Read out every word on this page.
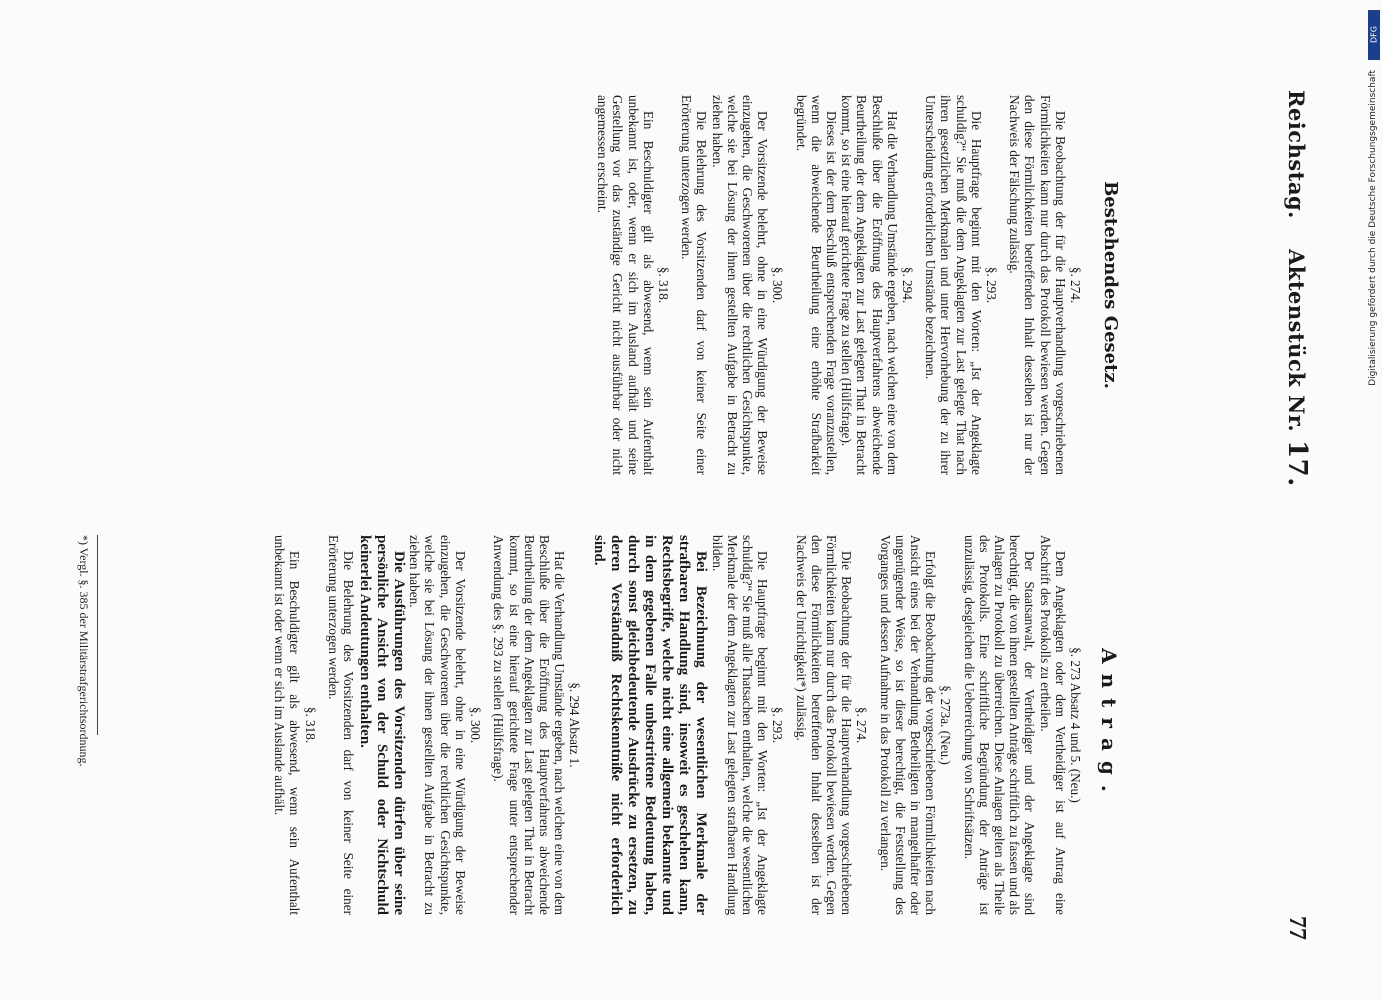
Reichstag.
Aktenstück Nr. 17.
77
Antrag.
§. 273 Absatz 4 und 5. (Neu.)

Dem Angeklagten oder dem Vertheidiger ist auf Antrag eine Abschrift des Protokolls zu ertheilen.

Der Staatsanwalt, der Vertheidiger und der Angeklagte sind berechtigt, die von ihnen gestellten Anträge schriftlich zu fassen und als Anlagen zu Protokoll zu überreichen. Diese Anlagen gelten als Theile des Protokolls. Eine schriftliche Begründung der Anträge ist unzulässig, desgleichen die Ueberreichung von Schriftsätzen.

§. 273a. (Neu.)

Erfolgt die Beobachtung der vorgeschriebenen Förmlichkeiten nach Ansicht eines bei der Verhandlung Betheiligten in mangelhafter oder ungenügender Weise, so ist dieser berechtigt, die Feststellung des Vorganges und dessen Aufnahme in das Protokoll zu verlangen.

§. 274.

Die Beobachtung der für die Hauptverhandlung vorgeschriebenen Förmlichkeiten kann nur durch das Protokoll bewiesen werden. Gegen den diese Förmlichkeiten betreffenden Inhalt desselben ist der Nachweis der Unrichtigkeit*) zulässig.

§. 293.

Die Hauptfrage beginnt mit den Worten: „Ist der Angeklagte schuldig?“ Sie muß alle Thatsachen enthalten, welche die wesentlichen Merkmale der dem Angeklagten zur Last gelegten strafbaren Handlung bilden.

Bei Bezeichnung der wesentlichen Merkmale der strafbaren Handlung sind, insoweit es geschehen kann, Rechtsbegriffe, welche nicht eine allgemein bekannte und in dem gegebenen Falle unbestrittene Bedeutung haben, durch sonst gleichbedeutende Ausdrücke zu ersetzen, zu deren Verständniß Rechtskenntniße nicht erforderlich sind.

§. 294 Absatz 1.

Hat die Verhandlung Umstände ergeben, nach welchen eine von dem Beschluße über die Eröffnung des Hauptverfahrens abweichende Beurtheilung der dem Angeklagten zur Last gelegten That in Betracht kommt, so ist eine hierauf gerichtete Frage unter entsprechender Anwendung des §. 293 zu stellen (Hülfsfrage).

§. 300.

Der Vorsitzende belehrt, ohne in eine Würdigung der Beweise einzugehen, die Geschworenen über die rechtlichen Gesichtspunkte, welche sie bei Lösung der ihnen gestellten Aufgabe in Betracht zu ziehen haben.

Die Ausführungen des Vorsitzenden dürfen über seine persönliche Ansicht von der Schuld oder Nichtschuld keinerlei Andeutungen enthalten.

Die Belehrung des Vorsitzenden darf von keiner Seite einer Erörterung unterzogen werden.

§. 318.

Ein Beschuldigter gilt als abwesend, wenn sein Aufenthalt unbekannt ist oder wenn er sich im Auslande aufhält.

Bestehendes Gesetz.
§. 274.

Die Beobachtung der für die Hauptverhandlung vorgeschriebenen Förmlichkeiten kann nur durch das Protokoll bewiesen werden. Gegen den diese Förmlichkeiten betreffenden Inhalt desselben ist nur der Nachweis der Fälschung zulässig.

§. 293.

Die Hauptfrage beginnt mit den Worten: „Ist der Angeklagte schuldig?“ Sie muß die dem Angeklagten zur Last gelegte That nach ihren gesetzlichen Merkmalen und unter Hervorhebung der zu ihrer Unterscheidung erforderlichen Umstände bezeichnen.

§. 294.

Hat die Verhandlung Umstände ergeben, nach welchen eine von dem Beschluße über die Eröffnung des Hauptverfahrens abweichende Beurtheilung der dem Angeklagten zur Last gelegten That in Betracht kommt, so ist eine hierauf gerichtete Frage zu stellen (Hülfsfrage).

Dieses ist der dem Beschluß entsprechenden Frage voranzustellen, wenn die abweichende Beurtheilung eine erhöhte Strafbarkeit begründet.

§. 300.

Der Vorsitzende belehrt, ohne in eine Würdigung der Beweise einzugehen, die Geschworenen über die rechtlichen Gesichtspunkte, welche sie bei Lösung der ihnen gestellten Aufgabe in Betracht zu ziehen haben.

Die Belehrung des Vorsitzenden darf von keiner Seite einer Erörterung unterzogen werden.

§. 318.

Ein Beschuldigter gilt als abwesend, wenn sein Aufenthalt unbekannt ist, oder, wenn er sich im Ausland aufhält und seine Gestellung vor das zuständige Gericht nicht ausführbar oder nicht angemessen erscheint.

*) Vergl. §. 385 der Militärstrafgerichtsordnung.
DFG
Digitalisierung gefördert durch die Deutsche Forschungsgemeinschaft
